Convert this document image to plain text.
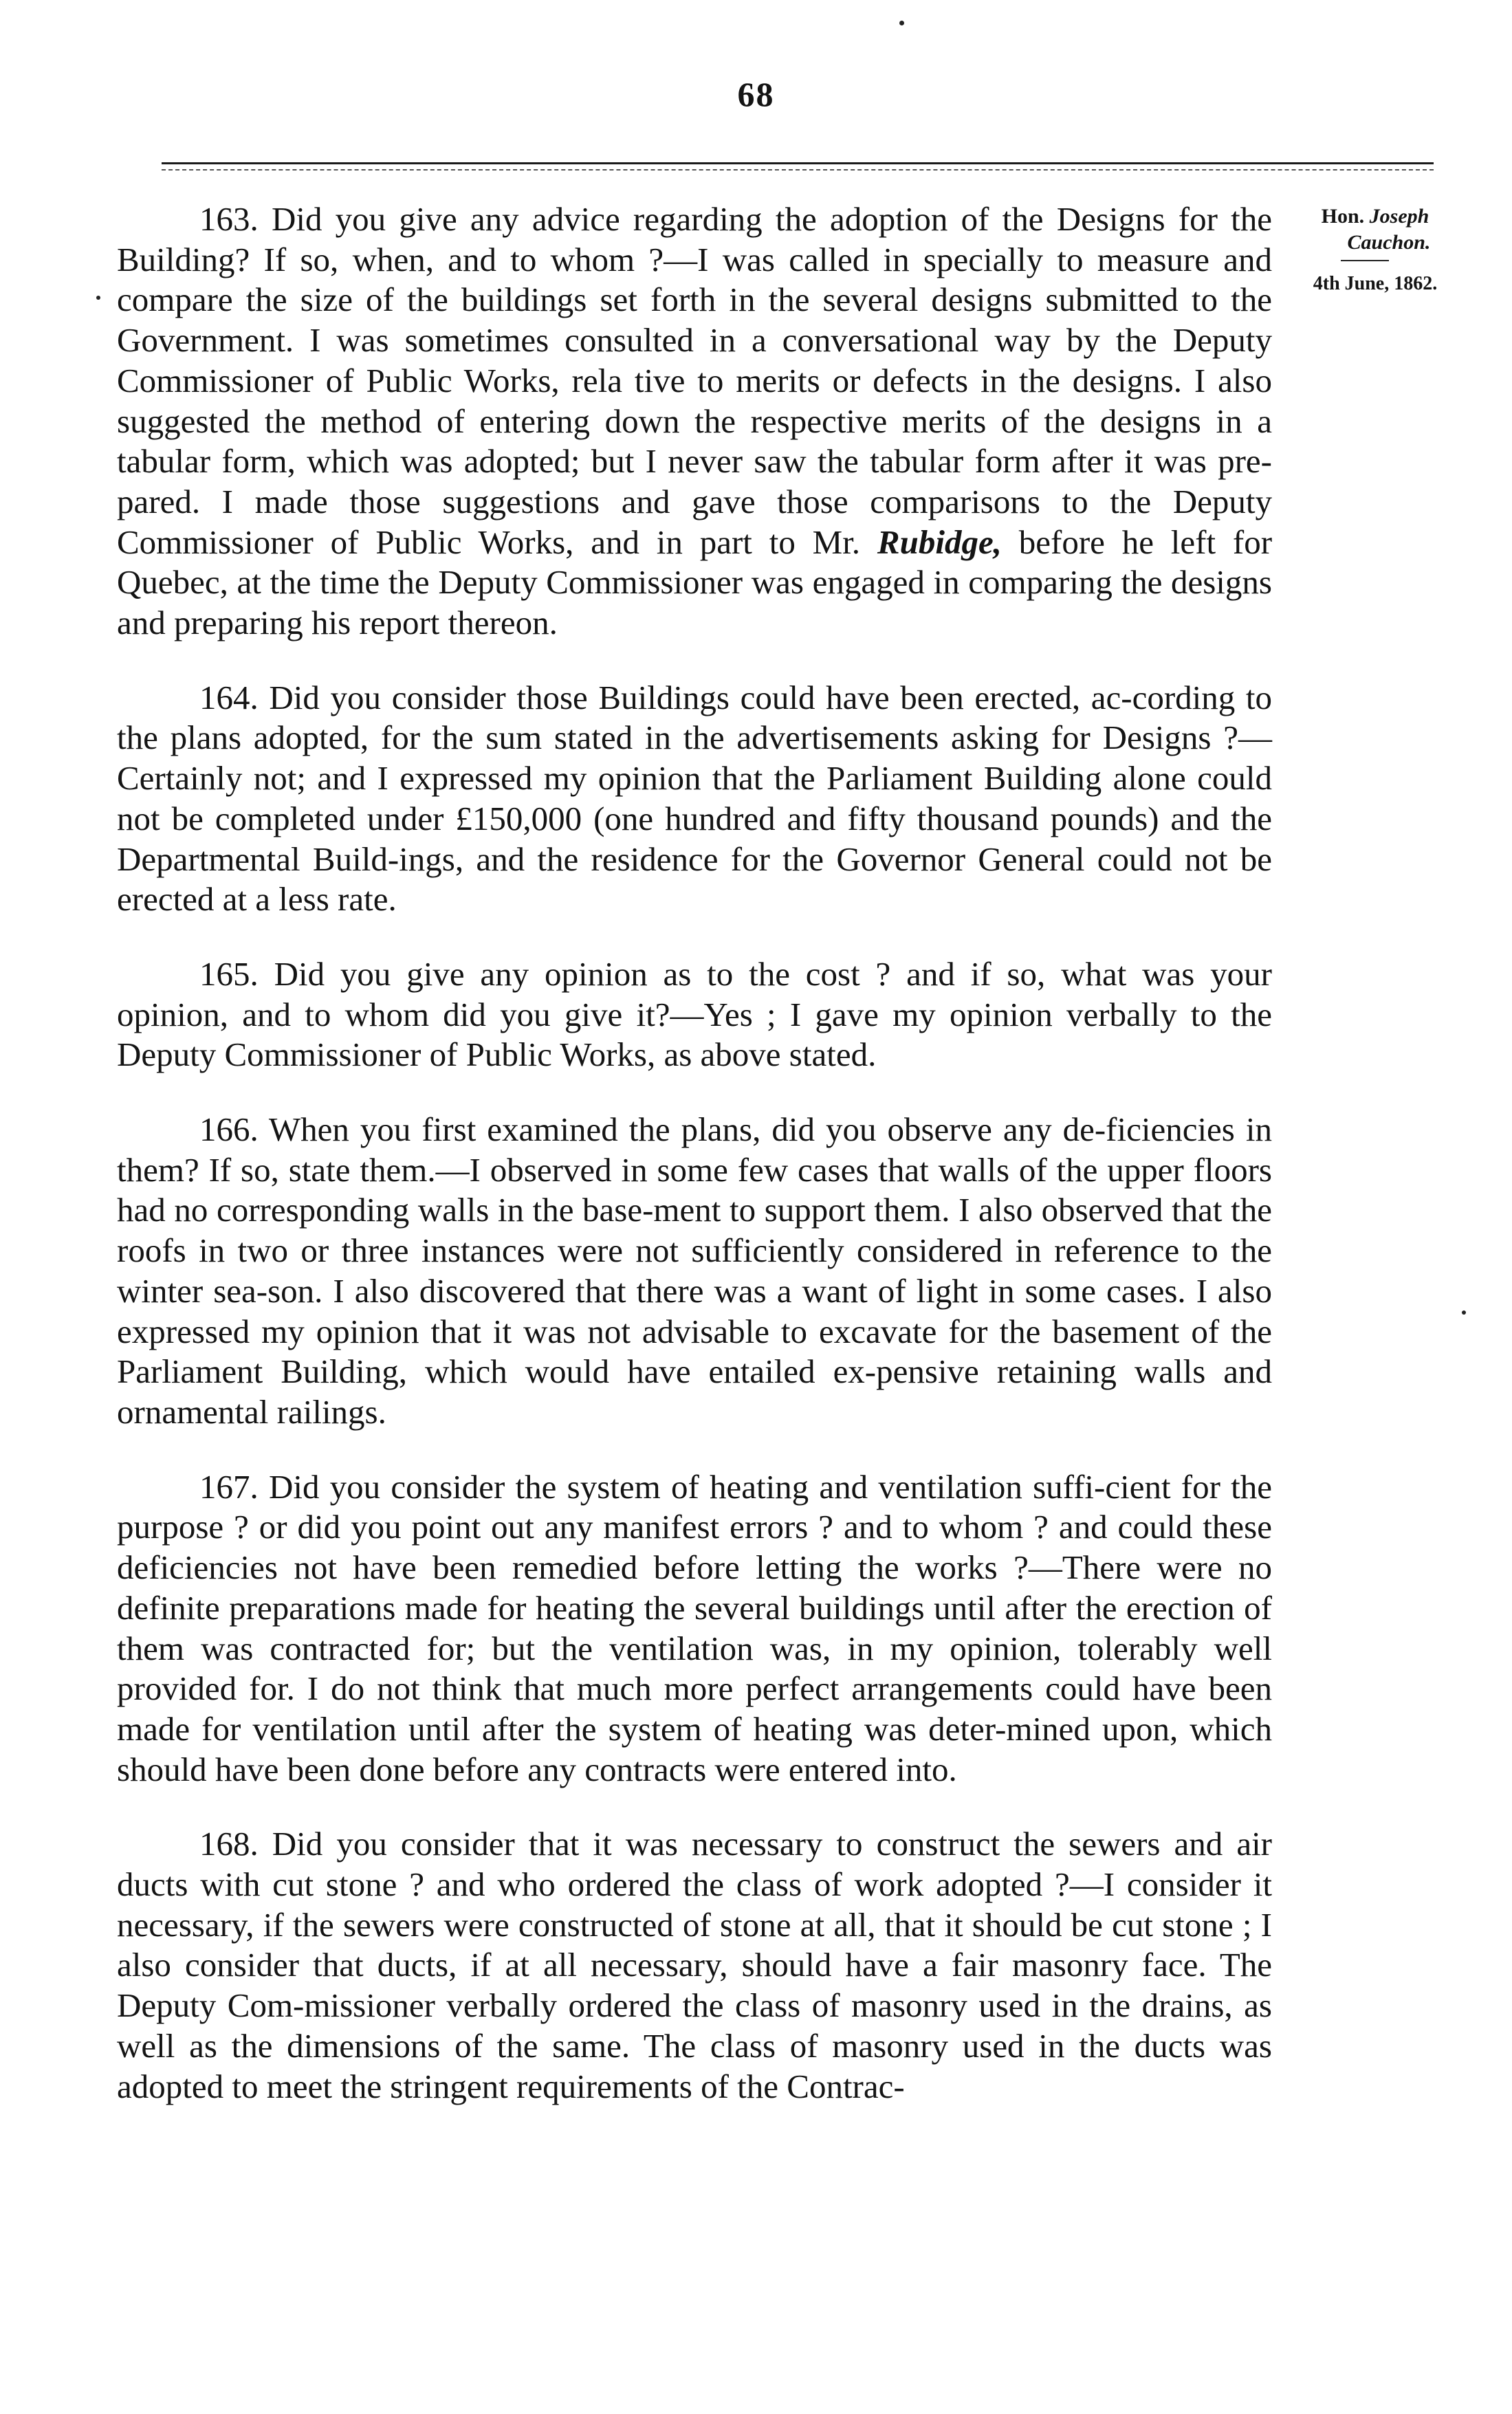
68
Hon. Joseph
Cauchon.
4th June, 1862.

163. Did you give any advice regarding the adoption of the Designs for the Building? If so, when, and to whom ?—I was called in specially to measure and compare the size of the buildings set forth in the several designs submitted to the Government. I was sometimes consulted in a conversational way by the Deputy Commissioner of Public Works, rela tive to merits or defects in the designs. I also suggested the method of entering down the respective merits of the designs in a tabular form, which was adopted; but I never saw the tabular form after it was pre-pared. I made those suggestions and gave those comparisons to the Deputy Commissioner of Public Works, and in part to Mr. Rubidge, before he left for Quebec, at the time the Deputy Commissioner was engaged in comparing the designs and preparing his report thereon.

164. Did you consider those Buildings could have been erected, ac-cording to the plans adopted, for the sum stated in the advertisements asking for Designs ?—Certainly not; and I expressed my opinion that the Parliament Building alone could not be completed under £150,000 (one hundred and fifty thousand pounds) and the Departmental Build-ings, and the residence for the Governor General could not be erected at a less rate.

165. Did you give any opinion as to the cost ? and if so, what was your opinion, and to whom did you give it?—Yes ; I gave my opinion verbally to the Deputy Commissioner of Public Works, as above stated.

166. When you first examined the plans, did you observe any de-ficiencies in them? If so, state them.—I observed in some few cases that walls of the upper floors had no corresponding walls in the base-ment to support them. I also observed that the roofs in two or three instances were not sufficiently considered in reference to the winter sea-son. I also discovered that there was a want of light in some cases. I also expressed my opinion that it was not advisable to excavate for the basement of the Parliament Building, which would have entailed ex-pensive retaining walls and ornamental railings.

167. Did you consider the system of heating and ventilation suffi-cient for the purpose ? or did you point out any manifest errors ? and to whom ? and could these deficiencies not have been remedied before letting the works ?—There were no definite preparations made for heating the several buildings until after the erection of them was contracted for; but the ventilation was, in my opinion, tolerably well provided for. I do not think that much more perfect arrangements could have been made for ventilation until after the system of heating was deter-mined upon, which should have been done before any contracts were entered into.

168. Did you consider that it was necessary to construct the sewers and air ducts with cut stone ? and who ordered the class of work adopted ?—I consider it necessary, if the sewers were constructed of stone at all, that it should be cut stone ; I also consider that ducts, if at all necessary, should have a fair masonry face. The Deputy Com-missioner verbally ordered the class of masonry used in the drains, as well as the dimensions of the same. The class of masonry used in the ducts was adopted to meet the stringent requirements of the Contrac-
